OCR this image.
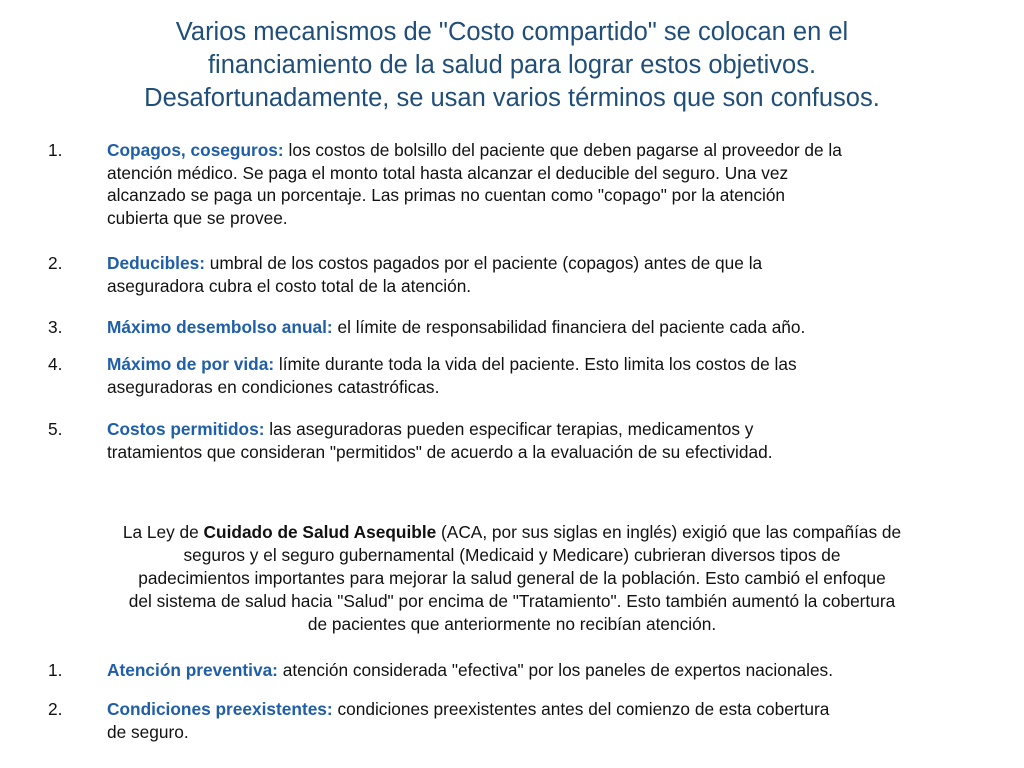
Varios mecanismos de "Costo compartido" se colocan en el
financiamiento de la salud para lograr estos objetivos.
Desafortunadamente, se usan varios términos que son confusos.
1.	Copagos, coseguros: los costos de bolsillo del paciente que deben pagarse al proveedor de la
atención médico. Se paga el monto total hasta alcanzar el deducible del seguro. Una vez
alcanzado se paga un porcentaje. Las primas no cuentan como "copago" por la atención
cubierta que se provee.
2.	Deducibles: umbral de los costos pagados por el paciente (copagos) antes de que la
aseguradora cubra el costo total de la atención.
3.	Máximo desembolso anual: el límite de responsabilidad financiera del paciente cada año.
4.	Máximo de por vida: límite durante toda la vida del paciente. Esto limita los costos de las
aseguradoras en condiciones catastróficas.
5.	Costos permitidos: las aseguradoras pueden especificar terapias, medicamentos y
tratamientos que consideran "permitidos" de acuerdo a la evaluación de su efectividad.
La Ley de Cuidado de Salud Asequible (ACA, por sus siglas en inglés) exigió que las compañías de
seguros y el seguro gubernamental (Medicaid y Medicare) cubrieran diversos tipos de
padecimientos importantes para mejorar la salud general de la población. Esto cambió el enfoque
del sistema de salud hacia "Salud" por encima de "Tratamiento". Esto también aumentó la cobertura
de pacientes que anteriormente no recibían atención.
1.	Atención preventiva: atención considerada "efectiva" por los paneles de expertos nacionales.
2.	Condiciones preexistentes: condiciones preexistentes antes del comienzo de esta cobertura
de seguro.
